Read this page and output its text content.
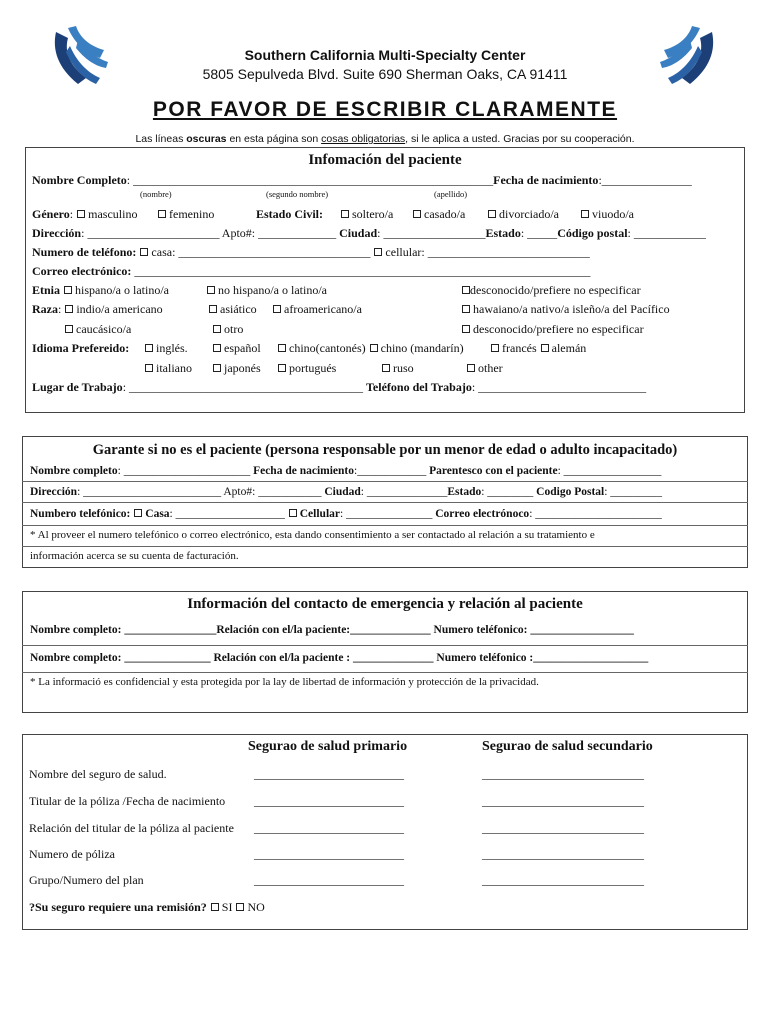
Southern California Multi-Specialty Center
5805 Sepulveda Blvd. Suite 690 Sherman Oaks, CA 91411
POR FAVOR DE ESCRIBIR CLARAMENTE
Las líneas oscuras en esta página son cosas obligatorias, si le aplica a usted. Gracias por su cooperación.
Infomación del paciente
Nombre Completo: ____________________________________________________________Fecha de nacimiento:_______________
(nombre)	(segundo nombre)	(apellido)
Género: masculino	femenino	Estado Civil:	soltero/a	casado/a	divorciado/a	viuodo/a
Dirección: ______________________ Apto#: _____________ Ciudad: _________________Estado: _____Código postal: ____________
Numero de teléfono: casa: ________________________________ cellular: ___________________________
Correo electrónico: ____________________________________________________________________________
Etnia hispano/a o latino/a	no hispano/a o latino/a	desconocido/prefiere no especificar
Raza: indio/a americano	asiático	afroamericano/a	hawaiano/a nativo/a isleño/a del Pacífico
caucásico/a	otro	desconocido/prefiere no especificar
Idioma Prefereido:	inglés.	español	chino(cantonés) chino (mandarín)	francés alemán
italiano	japonés	portugués	ruso	other
Lugar de Trabajo: _______________________________________ Teléfono del Trabajo: ____________________________
Garante si no es el paciente (persona responsable por un menor de edad o adulto incapacitado)
Nombre completo: ______________________ Fecha de nacimiento:____________ Parentesco con el paciente: _________________
Dirección: ________________________ Apto#: ___________ Ciudad: ______________Estado: ________ Codigo Postal: _________
Numbero telefónico: Casa: ___________________ Cellular: _______________ Correo electrónoco: ______________________
* Al proveer el numero telefónico o correo electrónico, esta dando consentimiento a ser contactado al relación a su tratamiento e
información acerca se su cuenta de facturación.
Información del contacto de emergencia y relación al paciente
Nombre completo: ________________Relación con el/la paciente:______________ Numero teléfonico: __________________
Nombre completo: _______________ Relación con el/la paciente : ______________ Numero teléfonico :____________________
* La informació es confidencial y esta protegida por la lay de libertad de información y protección de la privacidad.
Segurao de salud primario	Segurao de salud secundario
Nombre del seguro de salud.	_________________________	___________________________
Titular de la póliza /Fecha de nacimiento _________________________	___________________________
Relación del titular de la póliza al paciente _________________________	___________________________
Numero de póliza	_________________________	___________________________
Grupo/Numero del plan	_________________________	___________________________
?Su seguro requiere una remisión? SI NO
